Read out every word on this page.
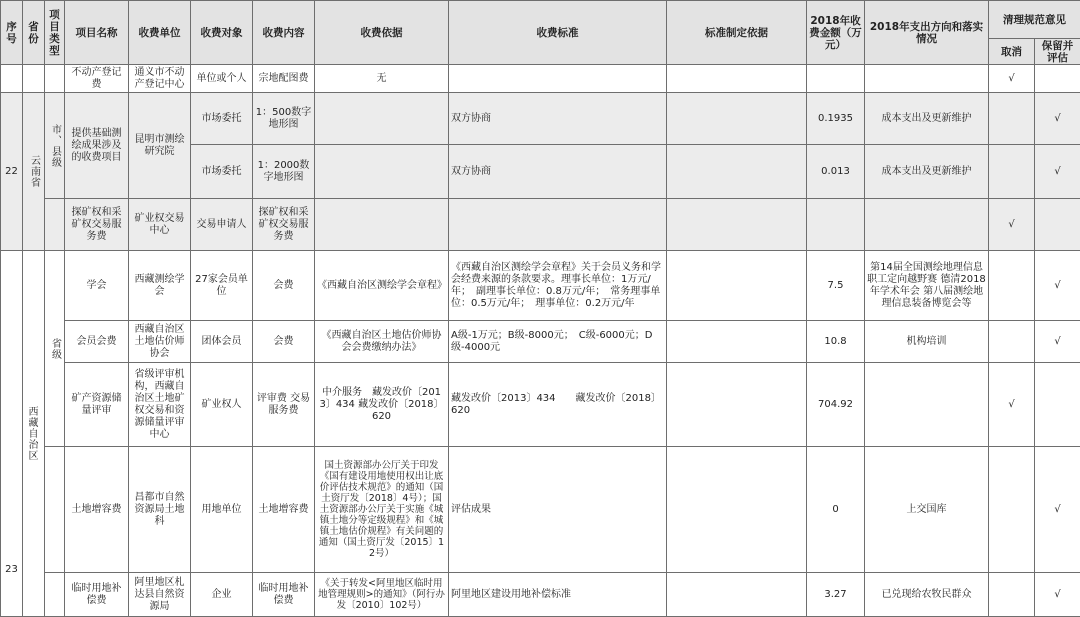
序号	省份	项目类型	项目名称	收费单位	收费对象	收费内容	收费依据	收费标准	标准制定依据	2018年收费金额（万元）	2018年支出方向和落实情况	清理规范意见	
												取消	保留并评估
			不动产登记费	通义市不动产登记中心	单位或个人	宗地配图费	无					√	
22	云南省	市、县级	提供基础测绘成果涉及的收费项目	昆明市测绘研究院	市场委托	1：500数字地形图		双方协商		0.1935	成本支出及更新维护		√
					市场委托	1：2000数字地形图		双方协商		0.013	成本支出及更新维护		√
			探矿权和采矿权交易服务费	矿业权交易中心	交易申请人	探矿权和采矿权交易服务费						√	
23	西藏自治区	省级	学会	西藏测绘学会	27家会员单位	会费	《西藏自治区测绘学会章程》	《西藏自治区测绘学会章程》关于会员义务和学会经费来源的条款要求。理事长单位：1万元/年；　副理事长单位：0.8万元/年；　常务理事单位：0.5万元/年；　理事单位：0.2万元/年		7.5	第14届全国测绘地理信息职工定向越野赛 德清2018年学术年会 第八届测绘地理信息装备博览会等		√
			会员会费	西藏自治区土地估价师协会	团体会员	会费	《西藏自治区土地估价师协会会费缴纳办法》	A级-1万元；B级-8000元；　C级-6000元；D级-4000元		10.8	机构培训		√
			矿产资源储量评审	省级评审机构，西藏自治区土地矿权交易和资源储量评审中心	矿业权人	评审费 交易服务费	中介服务　藏发改价〔2013〕434 藏发改价〔2018〕620	藏发改价〔2013〕434　　藏发改价〔2018〕620		704.92		√	
			土地增容费	昌都市自然资源局土地科	用地单位	土地增容费	国土资源部办公厅关于印发《国有建设用地使用权出让底价评估技术规范》的通知（国土资厅发〔2018〕4号）；国土资源部办公厅关于实施《城镇土地分等定级规程》和《城镇土地估价规程》有关问题的通知（国土资厅发〔2015〕12号）	评估成果		0	上交国库		√
			临时用地补偿费	阿里地区札达县自然资源局	企业	临时用地补偿费	《关于转发<阿里地区临时用地管理规则>的通知》（阿行办发〔2010〕102号）	阿里地区建设用地补偿标准		3.27	已兑现给农牧民群众		√
